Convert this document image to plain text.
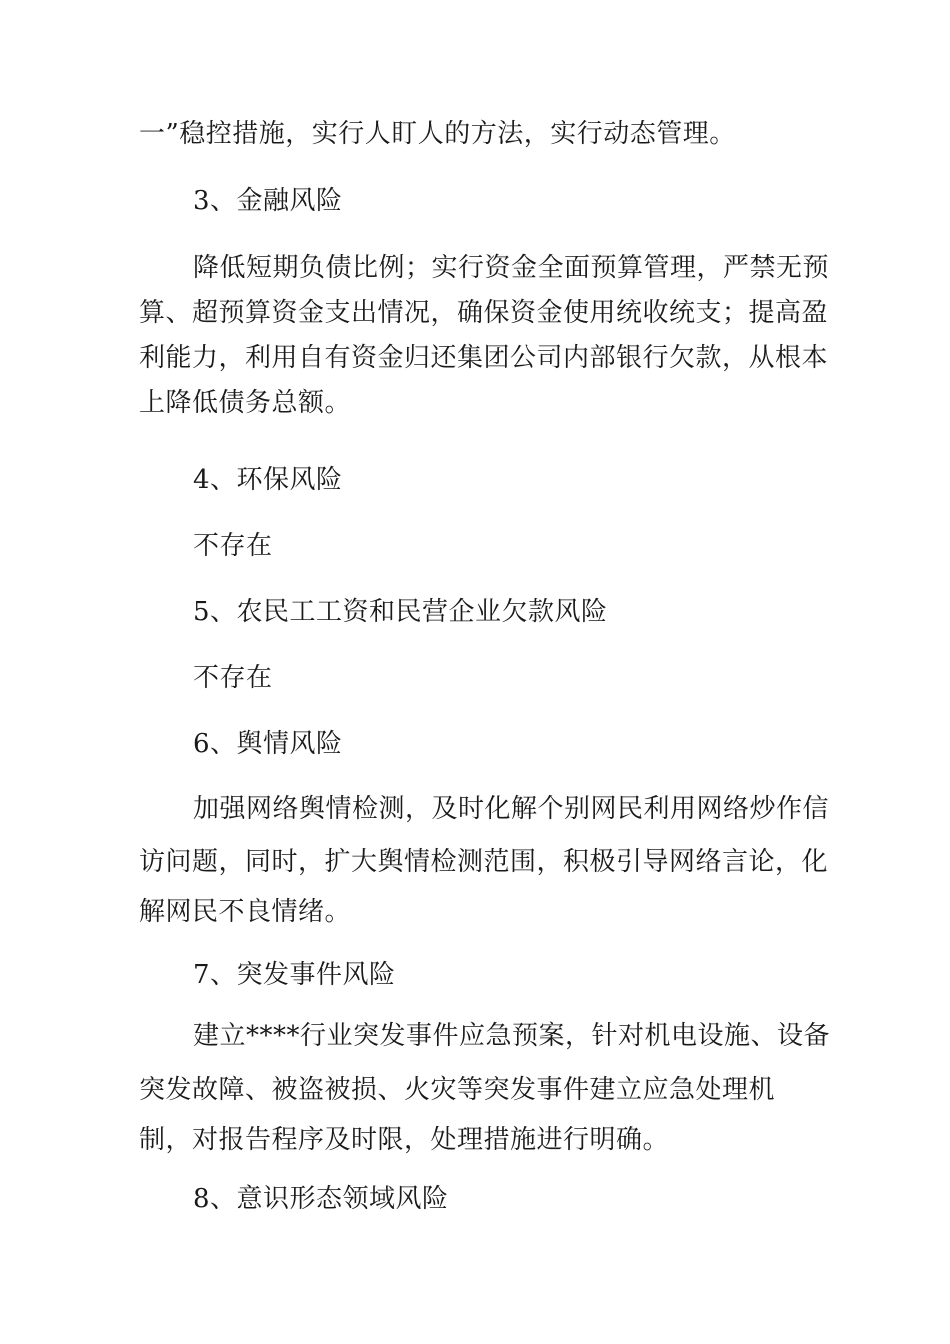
一”稳控措施，实行人盯人的方法，实行动态管理。
3、金融风险
降低短期负债比例；实行资金全面预算管理，严禁无预
算、超预算资金支出情况，确保资金使用统收统支；提高盈
利能力，利用自有资金归还集团公司内部银行欠款，从根本
上降低债务总额。
4、环保风险
不存在
5、农民工工资和民营企业欠款风险
不存在
6、舆情风险
加强网络舆情检测，及时化解个别网民利用网络炒作信
访问题，同时，扩大舆情检测范围，积极引导网络言论，化
解网民不良情绪。
7、突发事件风险
建立****行业突发事件应急预案，针对机电设施、设备
突发故障、被盗被损、火灾等突发事件建立应急处理机
制，对报告程序及时限，处理措施进行明确。
8、意识形态领域风险
